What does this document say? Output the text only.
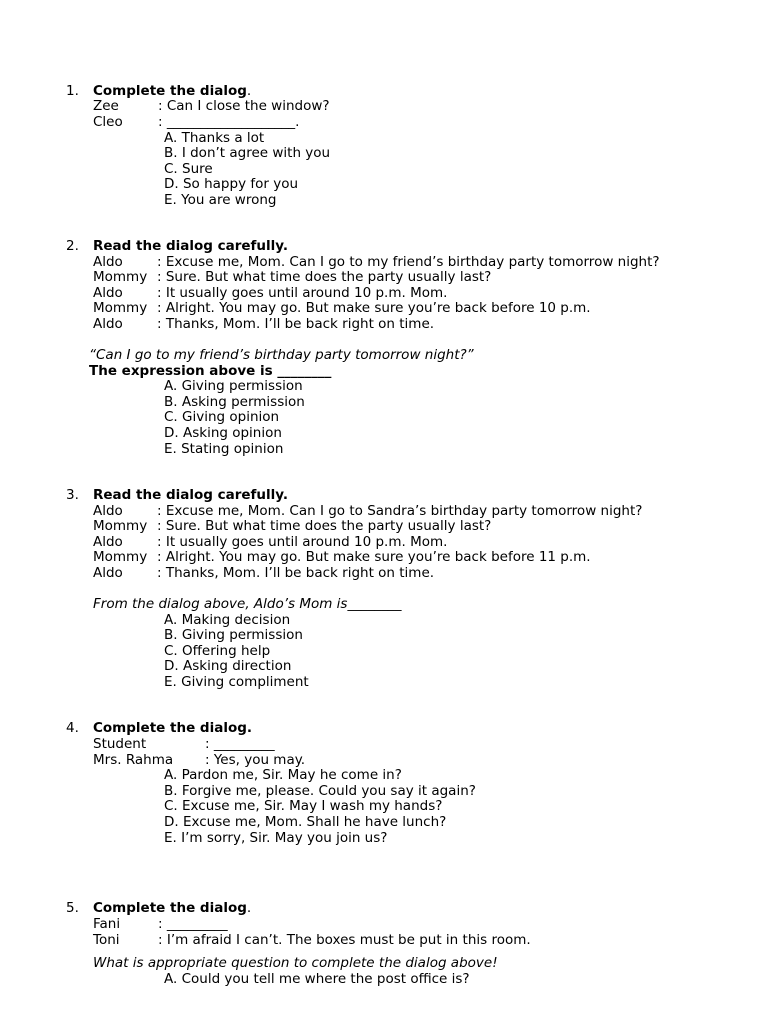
1. Complete the dialog.
Zee	: Can I close the window?
Cleo	: ___________________.
A. Thanks a lot
B. I don’t agree with you
C. Sure
D. So happy for you
E. You are wrong
2. Read the dialog carefully.
Aldo	: Excuse me, Mom. Can I go to my friend’s birthday party tomorrow night?
Mommy : Sure. But what time does the party usually last?
Aldo	: It usually goes until around 10 p.m. Mom.
Mommy : Alright. You may go. But make sure you’re back before 10 p.m.
Aldo	: Thanks, Mom. I’ll be back right on time.
“Can I go to my friend’s birthday party tomorrow night?”
The expression above is ________
A. Giving permission
B. Asking permission
C. Giving opinion
D. Asking opinion
E. Stating opinion
3. Read the dialog carefully.
Aldo	: Excuse me, Mom. Can I go to Sandra’s birthday party tomorrow night?
Mommy : Sure. But what time does the party usually last?
Aldo	: It usually goes until around 10 p.m. Mom.
Mommy : Alright. You may go. But make sure you’re back before 11 p.m.
Aldo	: Thanks, Mom. I’ll be back right on time.
From the dialog above, Aldo’s Mom is________
A. Making decision
B. Giving permission
C. Offering help
D. Asking direction
E. Giving compliment
4. Complete the dialog.
Student	: _________
Mrs. Rahma : Yes, you may.
A. Pardon me, Sir. May he come in?
B. Forgive me, please. Could you say it again?
C. Excuse me, Sir. May I wash my hands?
D. Excuse me, Mom. Shall he have lunch?
E. I’m sorry, Sir. May you join us?
5. Complete the dialog.
Fani	: _________
Toni	: I’m afraid I can’t. The boxes must be put in this room.
What is appropriate question to complete the dialog above!
A. Could you tell me where the post office is?
